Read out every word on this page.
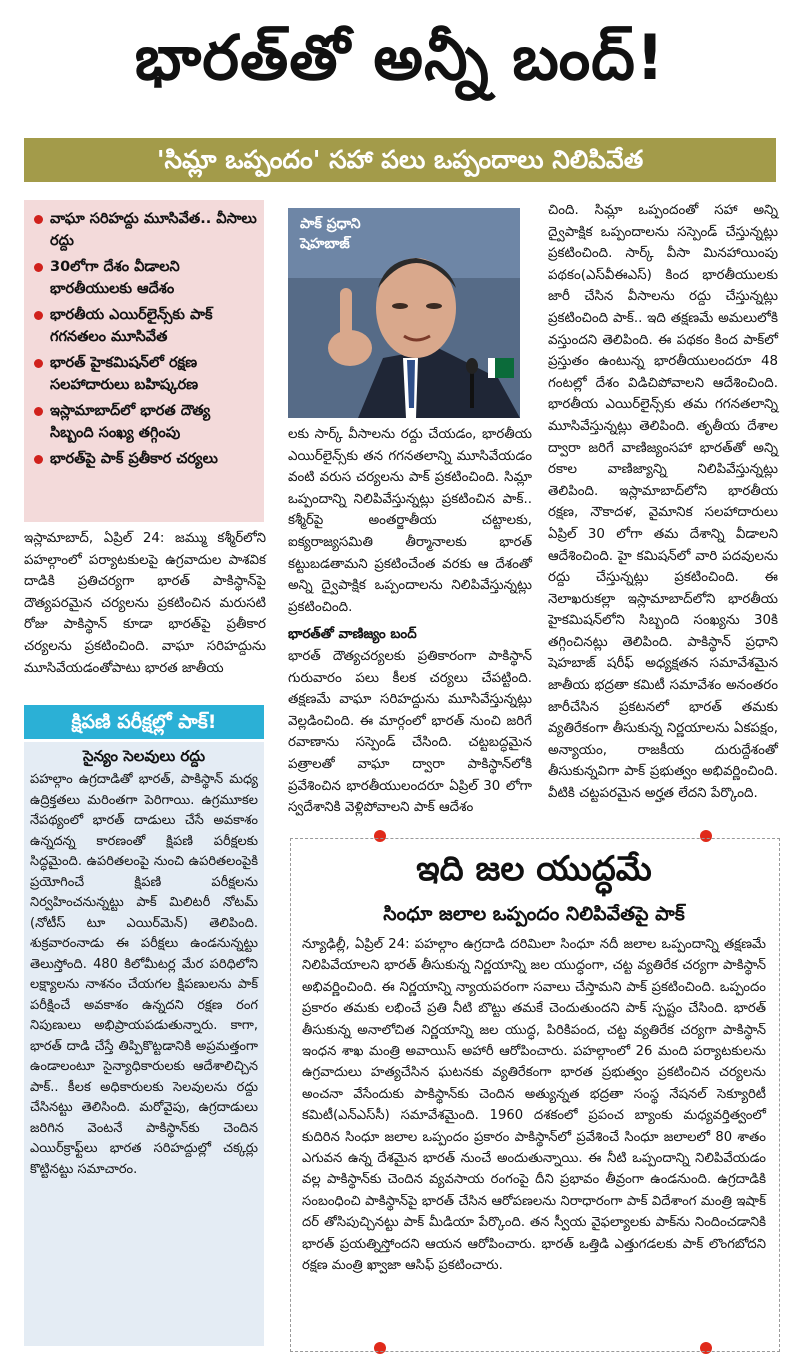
భారత్‌తో అన్నీ బంద్!
'సిమ్లా ఒప్పందం' సహా పలు ఒప్పందాలు నిలిపివేత
వాఘా సరిహద్దు మూసివేత.. వీసాలు రద్దు
30లోగా దేశం వీడాలని భారతీయులకు ఆదేశం
భారతీయ ఎయిర్‌లైన్స్‌కు పాక్ గగనతలం మూసివేత
భారత్ హైకమిషన్‌లో రక్షణ సలహాదారులు బహిష్కరణ
ఇస్లామాబాద్‌లో భారత దౌత్య సిబ్బంది సంఖ్య తగ్గింపు
భారత్‌పై పాక్ ప్రతీకార చర్యలు
పాక్ ప్రధాని షెహబాజ్
ఇస్లామాబాద్, ఏప్రిల్ 24: జమ్ము కశ్మీర్‌లోని పహల్గాంలో పర్యాటకులపై ఉగ్రవాదుల పాశవిక దాడికి ప్రతిచర్యగా భారత్ పాకిస్థాన్‌పై దౌత్యపరమైన చర్యలను ప్రకటించిన మరుసటి రోజు పాకిస్థాన్ కూడా భారత్‌పై ప్రతీకార చర్యలను ప్రకటించింది. వాఘా సరిహద్దును మూసివేయడంతోపాటు భారత జాతీయ
లకు సార్క్ వీసాలను రద్దు చేయడం, భారతీయ ఎయిర్‌లైన్స్‌కు తన గగనతలాన్ని మూసివేయడం వంటి వరుస చర్యలను పాక్ ప్రకటించింది. సిమ్లా ఒప్పందాన్ని నిలిపివేస్తున్నట్లు ప్రకటించిన పాక్.. కశ్మీర్‌పై అంతర్జాతీయ చట్టాలకు, ఐక్యరాజ్యసమితి తీర్మానాలకు భారత్ కట్టుబడతామని ప్రకటించేంత వరకు ఆ దేశంతో అన్ని ద్వైపాక్షిక ఒప్పందాలను నిలిపివేస్తున్నట్లు ప్రకటించింది.
భారత్‌తో వాణిజ్యం బంద్
భారత్ దౌత్యచర్యలకు ప్రతికారంగా పాకిస్థాన్ గురువారం పలు కీలక చర్యలు చేపట్టింది. తక్షణమే వాఘా సరిహద్దును మూసివేస్తున్నట్లు వెల్లడించింది. ఈ మార్గంలో భారత్ నుంచి జరిగే రవాణాను సస్పెండ్ చేసింది. చట్టబద్ధమైన పత్రాలతో వాఘా ద్వారా పాకిస్థాన్‌లోకి ప్రవేశించిన భారతీయులందరూ ఏప్రిల్ 30 లోగా స్వదేశానికి వెళ్లిపోవాలని పాక్ ఆదేశం
చింది. సిమ్లా ఒప్పందంతో సహా అన్ని ద్వైపాక్షిక ఒప్పందాలను సస్పెండ్ చేస్తున్నట్లు ప్రకటించింది. సార్క్ వీసా మినహాయింపు పథకం(ఎస్‌వీఈఎస్) కింద భారతీయులకు జారీ చేసిన వీసాలను రద్దు చేస్తున్నట్లు ప్రకటించింది పాక్.. ఇది తక్షణమే అమలులోకి వస్తుందని తెలిపింది. ఈ పథకం కింద పాక్‌లో ప్రస్తుతం ఉంటున్న భారతీయులందరూ 48 గంటల్లో దేశం విడిచిపోవాలని ఆదేశించింది. భారతీయ ఎయిర్‌లైన్స్‌కు తమ గగనతలాన్ని మూసివేస్తున్నట్లు తెలిపింది. తృతీయ దేశాల ద్వారా జరిగే వాణిజ్యంసహా భారత్‌తో అన్ని రకాల వాణిజ్యాన్ని నిలిపివేస్తున్నట్లు తెలిపింది. ఇస్లామాబాద్‌లోని భారతీయ రక్షణ, నౌకాదళ, వైమానిక సలహాదారులు ఏప్రిల్ 30 లోగా తమ దేశాన్ని వీడాలని ఆదేశించింది. హై కమిషన్‌లో వారి పదవులను రద్దు చేస్తున్నట్లు ప్రకటించింది. ఈ నెలాఖరుకల్లా ఇస్లామాబాద్‌లోని భారతీయ హైకమిషన్‌లోని సిబ్బంది సంఖ్యను 30కి తగ్గించినట్లు తెలిపింది. పాకిస్థాన్ ప్రధాని షెహబాజ్ షరీఫ్ అధ్యక్షతన సమావేశమైన జాతీయ భద్రతా కమిటీ సమావేశం అనంతరం జారీచేసిన ప్రకటనలో భారత్ తమకు వ్యతిరేకంగా తీసుకున్న నిర్ణయాలను ఏకపక్షం, అన్యాయం, రాజకీయ దురుద్దేశంతో తీసుకున్నవిగా పాక్ ప్రభుత్వం అభివర్ణించింది. వీటికి చట్టపరమైన అర్హత లేదని పేర్కొంది.
క్షిపణి పరీక్షల్లో పాక్!
సైన్యం సెలవులు రద్దు
పహల్గాం ఉగ్రదాడితో భారత్, పాకిస్థాన్ మధ్య ఉద్రిక్తతలు మరింతగా పెరిగాయి. ఉగ్రమూకల నేపథ్యంలో భారత్ దాడులు చేసే అవకాశం ఉన్నదన్న కారణంతో క్షిపణి పరీక్షలకు సిద్ధమైంది. ఉపరితలంపై నుంచి ఉపరితలంపైకి ప్రయోగించే క్షిపణి పరీక్షలను నిర్వహించనున్నట్టు పాక్ మిలిటరీ నోటమ్ (నోటీస్ టూ ఎయిర్‌మెన్) తెలిపింది. శుక్రవారంనాడు ఈ పరీక్షలు ఉండనున్నట్టు తెలుస్తోంది. 480 కిలోమీటర్ల మేర పరిధిలోని లక్ష్యాలను నాశనం చేయగల క్షిపణులను పాక్ పరీక్షించే అవకాశం ఉన్నదని రక్షణ రంగ నిపుణులు అభిప్రాయపడుతున్నారు. కాగా, భారత్ దాడి చేస్తే తిప్పికొట్టడానికి అప్రమత్తంగా ఉండాలంటూ సైన్యాధికారులకు ఆదేశాలిచ్చిన పాక్.. కీలక అధికారులకు సెలవులను రద్దు చేసినట్టు తెలిసింది. మరోవైపు, ఉగ్రదాడులు జరిగిన వెంటనే పాకిస్థాన్‌కు చెందిన ఎయిర్‌క్రాఫ్ట్‌లు భారత సరిహద్దుల్లో చక్కర్లు కొట్టినట్టు సమాచారం.
ఇది జల యుద్ధమే
సింధూ జలాల ఒప్పందం నిలిపివేతపై పాక్
న్యూఢిల్లీ, ఏప్రిల్ 24: పహల్గాం ఉగ్రదాడి దరిమిలా సింధూ నదీ జలాల ఒప్పందాన్ని తక్షణమే నిలిపివేయాలని భారత్ తీసుకున్న నిర్ణయాన్ని జల యుద్ధంగా, చట్ట వ్యతిరేక చర్యగా పాకిస్థాన్ అభివర్ణించింది. ఈ నిర్ణయాన్ని న్యాయపరంగా సవాలు చేస్తామని పాక్ ప్రకటించింది. ఒప్పందం ప్రకారం తమకు లభించే ప్రతి నీటి బొట్టు తమకే చెందుతుందని పాక్ స్పష్టం చేసింది. భారత్ తీసుకున్న అనాలోచిత నిర్ణయాన్ని జల యుద్ధ, పిరికిపంద, చట్ట వ్యతిరేక చర్యగా పాకిస్థాన్ ఇంధన శాఖ మంత్రి అవాయిస్ అహారీ ఆరోపించారు. పహల్గాంలో 26 మంది పర్యాటకులను ఉగ్రవాదులు హత్యచేసిన ఘటనకు వ్యతిరేకంగా భారత ప్రభుత్వం ప్రకటించిన చర్యలను అంచనా వేసేందుకు పాకిస్థాన్‌కు చెందిన అత్యున్నత భద్రతా సంస్థ నేషనల్ సెక్యూరిటీ కమిటీ(ఎన్‌ఎస్‌సీ) సమావేశమైంది. 1960 దశకంలో ప్రపంచ బ్యాంకు మధ్యవర్తిత్వంలో కుదిరిన సింధూ జలాల ఒప్పందం ప్రకారం పాకిస్థాన్‌లో ప్రవేశించే సింధూ జలాలలో 80 శాతం ఎగువన ఉన్న దేశమైన భారత్ నుంచే అందుతున్నాయి. ఈ నీటి ఒప్పందాన్ని నిలిపివేయడం వల్ల పాకిస్థాన్‌కు చెందిన వ్యవసాయ రంగంపై దీని ప్రభావం తీవ్రంగా ఉండనుంది. ఉగ్రదాడికి సంబంధించి పాకిస్థాన్‌పై భారత్ చేసిన ఆరోపణలను నిరాధారంగా పాక్ విదేశాంగ మంత్రి ఇషాక్ దర్ తోసిపుచ్చినట్టు పాక్ మీడియా పేర్కొంది. తన స్వీయ వైఫల్యాలకు పాక్‌ను నిందించడానికి భారత్ ప్రయత్నిస్తోందని ఆయన ఆరోపించారు. భారత్ ఒత్తిడి ఎత్తుగడలకు పాక్ లొంగబోదని రక్షణ మంత్రి ఖ్వాజా ఆసిఫ్ ప్రకటించారు.
